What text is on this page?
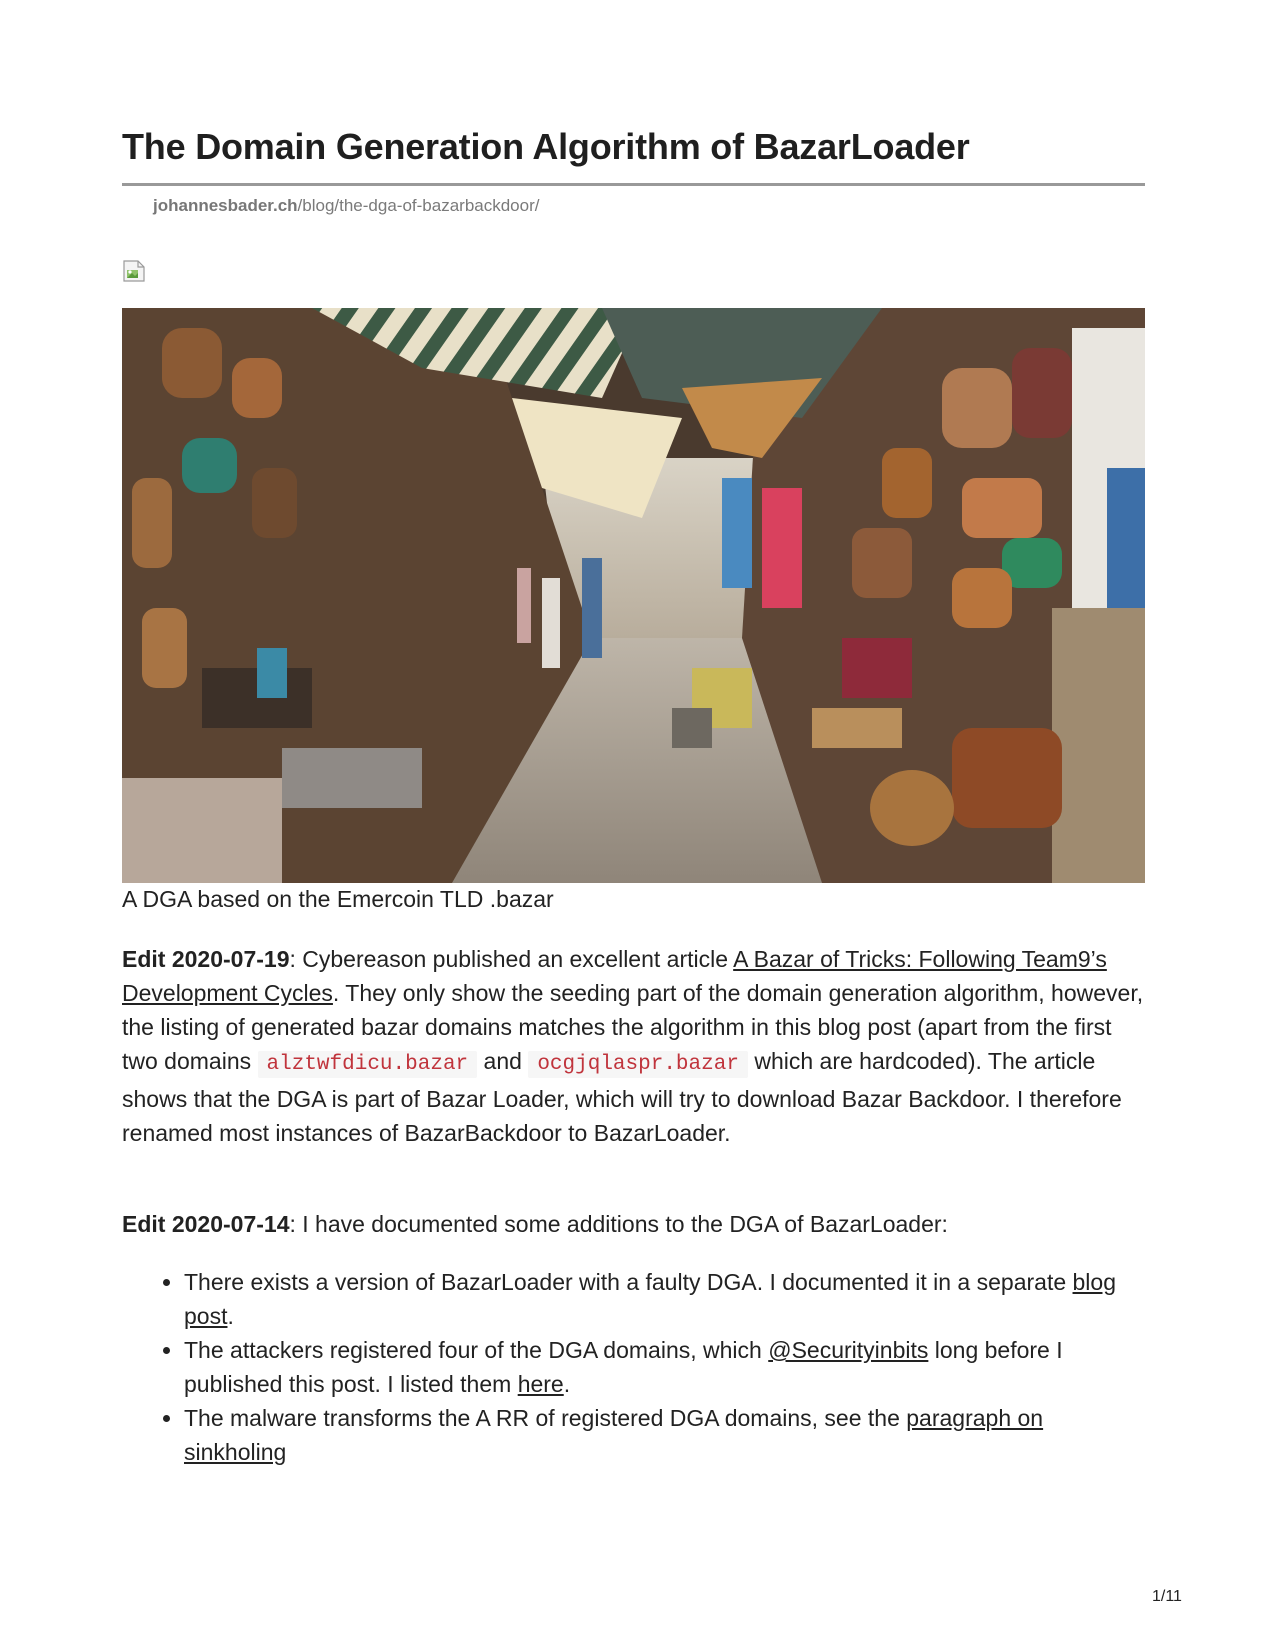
The Domain Generation Algorithm of BazarLoader
johannesbader.ch/blog/the-dga-of-bazarbackdoor/
A DGA based on the Emercoin TLD .bazar

Edit 2020-07-19: Cybereason published an excellent article A Bazar of Tricks: Following Team9’s Development Cycles. They only show the seeding part of the domain generation algorithm, however, the listing of generated bazar domains matches the algorithm in this blog post (apart from the first two domains alztwfdicu.bazar and ocgjqlaspr.bazar which are hardcoded). The article shows that the DGA is part of Bazar Loader, which will try to download Bazar Backdoor. I therefore renamed most instances of BazarBackdoor to BazarLoader.

Edit 2020-07-14: I have documented some additions to the DGA of BazarLoader:

• There exists a version of BazarLoader with a faulty DGA. I documented it in a separate blog post.
• The attackers registered four of the DGA domains, which @Securityinbits long before I published this post. I listed them here.
• The malware transforms the A RR of registered DGA domains, see the paragraph on sinkholing
1/11
